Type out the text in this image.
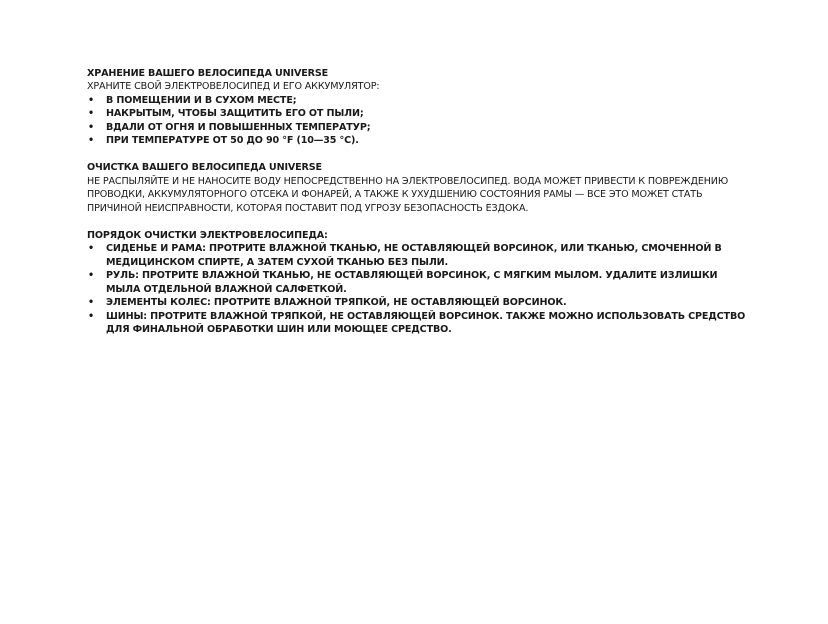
ХРАНЕНИЕ ВАШЕГО ВЕЛОСИПЕДА UNIVERSE

ХРАНИТЕ СВОЙ ЭЛЕКТРОВЕЛОСИПЕД И ЕГО АККУМУЛЯТОР:

• В ПОМЕЩЕНИИ И В СУХОМ МЕСТЕ;
• НАКРЫТЫМ, ЧТОБЫ ЗАЩИТИТЬ ЕГО ОТ ПЫЛИ;
• ВДАЛИ ОТ ОГНЯ И ПОВЫШЕННЫХ ТЕМПЕРАТУР;
• ПРИ ТЕМПЕРАТУРЕ ОТ 50 ДО 90 °F (10—35 °C).

ОЧИСТКА ВАШЕГО ВЕЛОСИПЕДА UNIVERSE

НЕ РАСПЫЛЯЙТЕ И НЕ НАНОСИТЕ ВОДУ НЕПОСРЕДСТВЕННО НА ЭЛЕКТРОВЕЛОСИПЕД. ВОДА МОЖЕТ ПРИВЕСТИ К ПОВРЕЖДЕНИЮ ПРОВОДКИ, АККУМУЛЯТОРНОГО ОТСЕКА И ФОНАРЕЙ, А ТАКЖЕ К УХУДШЕНИЮ СОСТОЯНИЯ РАМЫ — ВСЕ ЭТО МОЖЕТ СТАТЬ ПРИЧИНОЙ НЕИСПРАВНОСТИ, КОТОРАЯ ПОСТАВИТ ПОД УГРОЗУ БЕЗОПАСНОСТЬ ЕЗДОКА.

ПОРЯДОК ОЧИСТКИ ЭЛЕКТРОВЕЛОСИПЕДА:

• СИДЕНЬЕ И РАМА: ПРОТРИТЕ ВЛАЖНОЙ ТКАНЬЮ, НЕ ОСТАВЛЯЮЩЕЙ ВОРСИНОК, ИЛИ ТКАНЬЮ, СМОЧЕННОЙ В МЕДИЦИНСКОМ СПИРТЕ, А ЗАТЕМ СУХОЙ ТКАНЬЮ БЕЗ ПЫЛИ.
• РУЛЬ: ПРОТРИТЕ ВЛАЖНОЙ ТКАНЬЮ, НЕ ОСТАВЛЯЮЩЕЙ ВОРСИНОК, С МЯГКИМ МЫЛОМ. УДАЛИТЕ ИЗЛИШКИ МЫЛА ОТДЕЛЬНОЙ ВЛАЖНОЙ САЛФЕТКОЙ.
• ЭЛЕМЕНТЫ КОЛЕС: ПРОТРИТЕ ВЛАЖНОЙ ТРЯПКОЙ, НЕ ОСТАВЛЯЮЩЕЙ ВОРСИНОК.
• ШИНЫ: ПРОТРИТЕ ВЛАЖНОЙ ТРЯПКОЙ, НЕ ОСТАВЛЯЮЩЕЙ ВОРСИНОК. ТАКЖЕ МОЖНО ИСПОЛЬЗОВАТЬ СРЕДСТВО ДЛЯ ФИНАЛЬНОЙ ОБРАБОТКИ ШИН ИЛИ МОЮЩЕЕ СРЕДСТВО.
